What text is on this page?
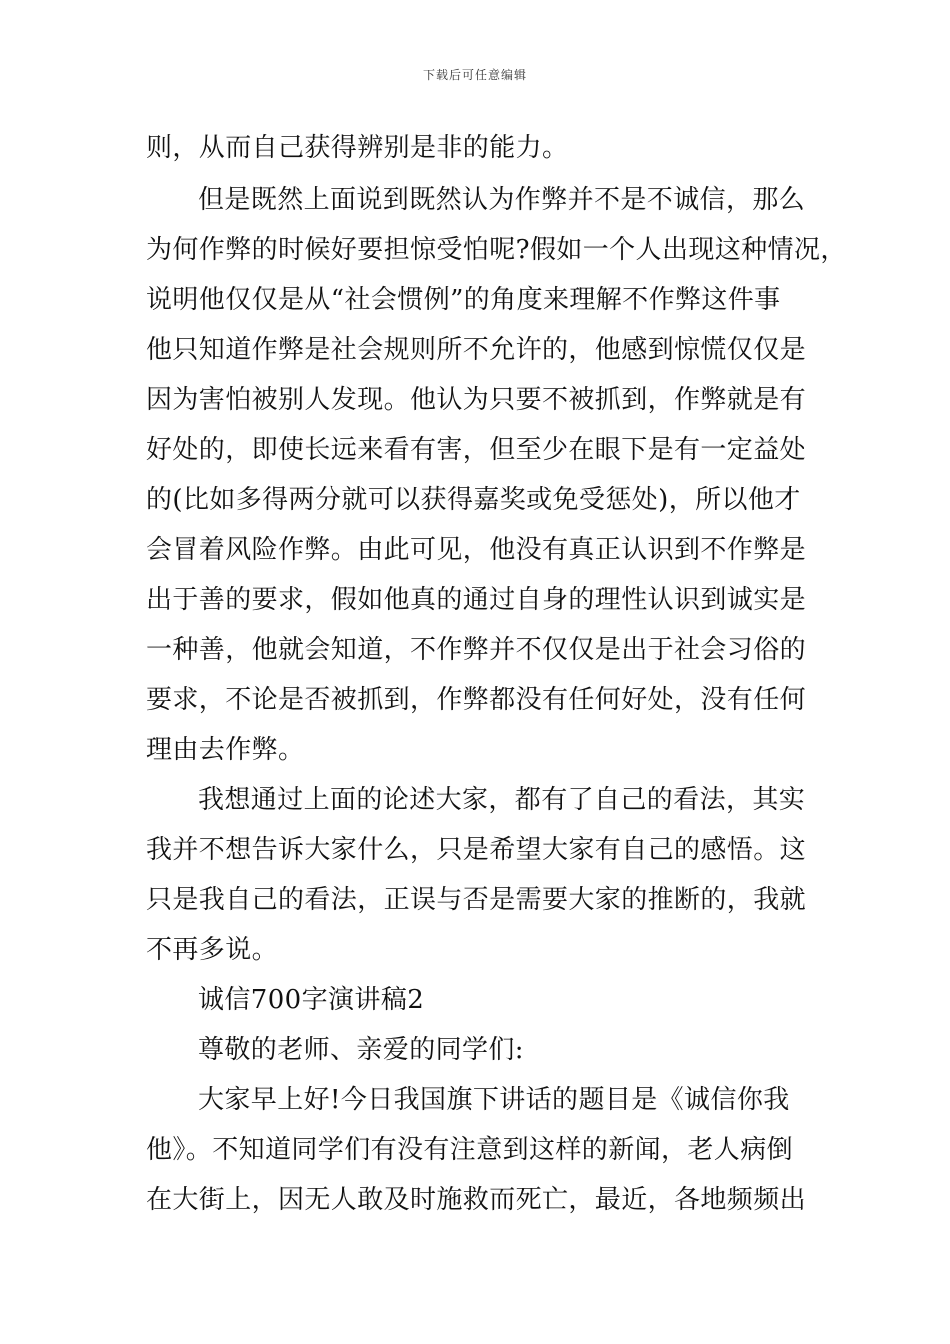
下载后可任意编辑
则，从而自己获得辨别是非的能力。
但是既然上面说到既然认为作弊并不是不诚信，那么
为何作弊的时候好要担惊受怕呢?假如一个人出现这种情况，
说明他仅仅是从“社会惯例”的角度来理解不作弊这件事
他只知道作弊是社会规则所不允许的，他感到惊慌仅仅是
因为害怕被别人发现。他认为只要不被抓到，作弊就是有
好处的，即使长远来看有害，但至少在眼下是有一定益处
的(比如多得两分就可以获得嘉奖或免受惩处)，所以他才
会冒着风险作弊。由此可见，他没有真正认识到不作弊是
出于善的要求，假如他真的通过自身的理性认识到诚实是
一种善，他就会知道，不作弊并不仅仅是出于社会习俗的
要求，不论是否被抓到，作弊都没有任何好处，没有任何
理由去作弊。
我想通过上面的论述大家，都有了自己的看法，其实
我并不想告诉大家什么，只是希望大家有自己的感悟。这
只是我自己的看法，正误与否是需要大家的推断的，我就
不再多说。
诚信700字演讲稿2
尊敬的老师、亲爱的同学们:
大家早上好!今日我国旗下讲话的题目是《诚信你我
他》。不知道同学们有没有注意到这样的新闻，老人病倒
在大街上，因无人敢及时施救而死亡，最近，各地频频出
